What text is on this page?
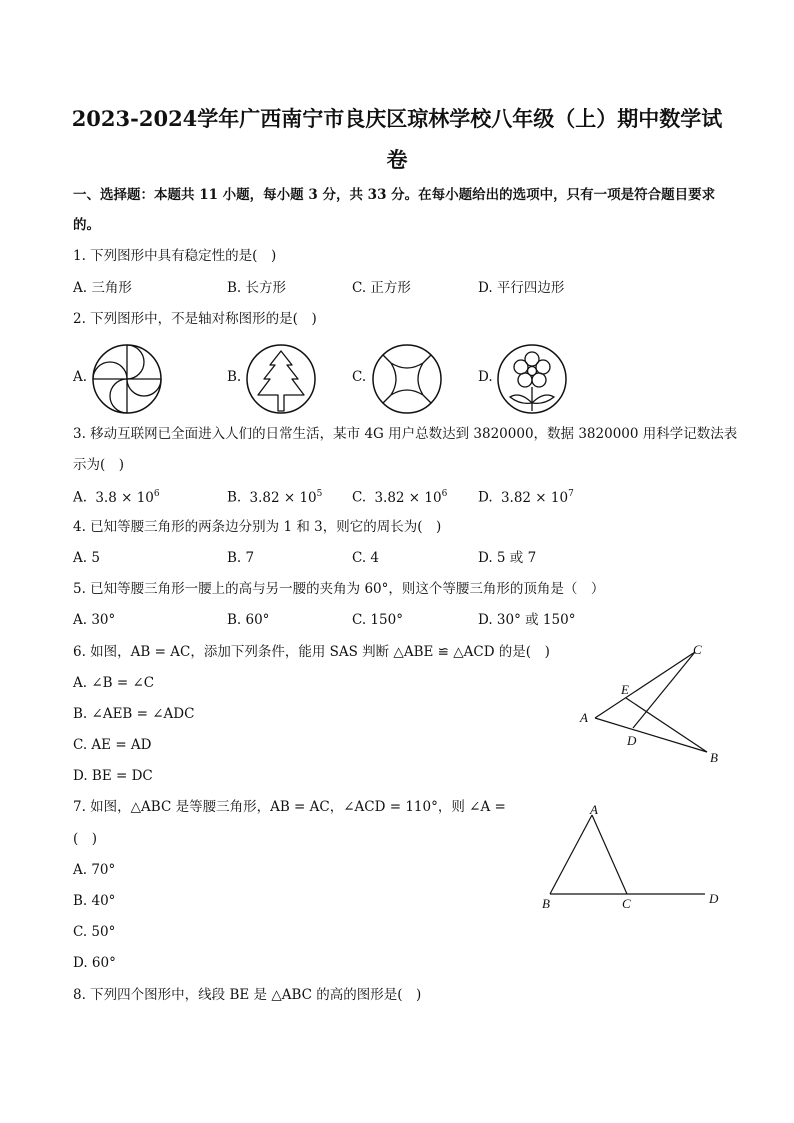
2023-2024学年广西南宁市良庆区琼林学校八年级（上）期中数学试
卷
一、选择题：本题共 11 小题，每小题 3 分，共 33 分。在每小题给出的选项中，只有一项是符合题目要求
的。
1. 下列图形中具有稳定性的是(　)
A. 三角形	B. 长方形	C. 正方形	D. 平行四边形
2. 下列图形中，不是轴对称图形的是(　)
A.	B.	C.	D.
3. 移动互联网已全面进入人们的日常生活，某市 4G 用户总数达到 3820000，数据 3820000 用科学记数法表
示为(　)
A. $3.8 \times 10^6$	B. $3.82 \times 10^5$ C. $3.82 \times 10^6$ D. $3.82 \times 10^7$
4. 已知等腰三角形的两条边分别为 1 和 3，则它的周长为(　)
A. 5	B. 7	C. 4	D. 5 或 7
5. 已知等腰三角形一腰上的高与另一腰的夹角为 60°，则这个等腰三角形的顶角是（　）
A. 30°	B. 60°	C. 150°	D. 30° 或 150°
6. 如图，AB = AC，添加下列条件，能用 SAS 判断 △ABE ≌ △ACD 的是(　)
A. ∠B = ∠C
B. ∠AEB = ∠ADC
C. AE = AD
D. BE = DC
C
E
A
D
B
7. 如图，△ABC 是等腰三角形，AB = AC，∠ACD = 110°，则 ∠A =
(　)
A. 70°
B. 40°
C. 50°
D. 60°
A
B	C	D
8. 下列四个图形中，线段 BE 是 △ABC 的高的图形是(　)
